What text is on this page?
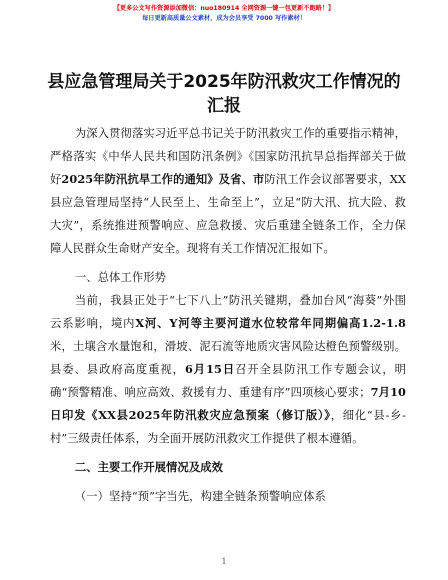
【更多公文写作资源添加微信：nuo180914 全网资源一键一包更新不跑路！】
每日更新高质量公文素材，成为会员享受 7000 写作素材！
县应急管理局关于2025年防汛救灾工作情况的汇报

为深入贯彻落实习近平总书记关于防汛救灾工作的重要指示精神，严格落实《中华人民共和国防汛条例》《国家防汛抗旱总指挥部关于做好2025年防汛抗旱工作的通知》及省、市防汛工作会议部署要求，XX县应急管理局坚持“人民至上、生命至上”，立足“防大汛、抗大险、救大灾”，系统推进预警响应、应急救援、灾后重建全链条工作，全力保障人民群众生命财产安全。现将有关工作情况汇报如下。

一、总体工作形势

当前，我县正处于“七下八上”防汛关键期，叠加台风“海葵”外围云系影响，境内X河、Y河等主要河道水位较常年同期偏高1.2-1.8米，土壤含水量饱和，滑坡、泥石流等地质灾害风险达橙色预警级别。县委、县政府高度重视，6月15日召开全县防汛工作专题会议，明确“预警精准、响应高效、救援有力、重建有序”四项核心要求；7月10日印发《XX县2025年防汛救灾应急预案（修订版）》，细化“县-乡-村”三级责任体系，为全面开展防汛救灾工作提供了根本遵循。

二、主要工作开展情况及成效

（一）坚持“预”字当先，构建全链条预警响应体系

1
